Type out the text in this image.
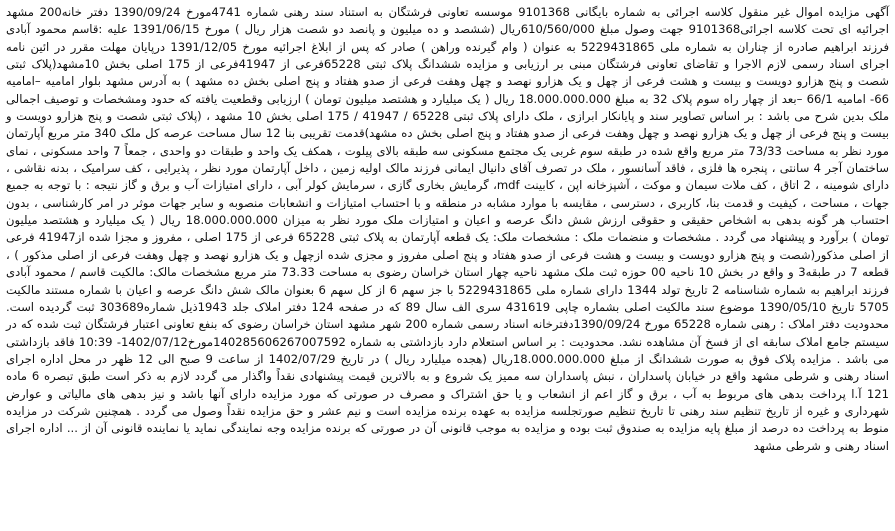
آگهی مزایده اموال غیر منقول کلاسه اجرائی به شماره بایگانی 9101368 موسسه تعاونی فرشتگان به استناد سند رهنی شماره 4741مورخ 1390/09/24 دفتر خانه200 مشهد اجرائیه ای تحت کلاسه اجرائی9101368 جهت وصول مبلغ 610/560/000ریال (ششصد و ده میلیون و پانصد دو شصت هزار ریال ) مورخ 1391/06/15 علیه :قاسم محمود آبادی فرزند ابراهیم صادره از چناران به شماره ملی 5229431865 به عنوان ( وام گیرنده وراهن ) صادر که پس از ابلاغ اجرائیه مورخ 1391/12/05 درپایان مهلت مقرر در ائین نامه اجرای اسناد رسمی لازم الاجرا و تقاضای تعاونی فرشتگان مبنی بر ارزیابی و مزایده ششدانگ پلاک ثبتی 65228فرعی از 41947فرعی از 175 اصلی بخش 10مشهد(پلاک ثبتی شصت و پنج هزارو دویست و بیست و هشت فرعی از چهل و یک هزارو نهصد و چهل وهفت فرعی از صدو هفتاد و پنج اصلی بخش ده مشهد ) به آدرس مشهد بلوار امامیه –امامیه 66- امامیه 66/1 –بعد از چهار راه سوم پلاک 32 به مبلغ 18.000.000.000 ریال ( یک میلیارد و هشتصد میلیون تومان ) ارزیابی وقطعیت یافته که حدود ومشخصات و توصیف اجمالی ملک بدین شرح می باشد : بر اساس تصاویر سند و پایانکار ابرازی ، ملک دارای پلاک ثبتی 65228 / 41947 / 175 اصلی بخش 10 مشهد ، (پلاک ثبتی شصت و پنج هزارو دویست و بیست و پنج فرعی از چهل و یک هزارو نهصد و چهل وهفت فرعی از صدو هفتاد و پنج اصلی بخش ده مشهد)قدمت تقریبی بنا 12 سال مساحت عرصه کل ملک 340 متر مربع آپارتمان مورد نظر به مساحت 73/33 متر مربع واقع شده در طبقه سوم غربی یک مجتمع مسکونی سه طبقه بالای پیلوت ، همکف یک واحد و طبقات دو واحدی ، جمعاً 7 واحد مسکونی ، نمای ساختمان آجر 4 سانتی ، پنجره ها فلزی ، فاقد آسانسور ، ملک در تصرف آقای دانیال ایمانی فرزند مالک اولیه زمین ، داخل آپارتمان مورد نظر ، پذیرایی ، کف سرامیک ، بدنه نقاشی ، دارای شومینه ، 2 اتاق ، کف ملات سیمان و موکت ، آشپزخانه اپن ، کابینت mdf، گرمایش بخاری گازی ، سرمایش کولر آبی ، دارای امتیازات آب و برق و گاز نتیجه : با توجه به جمیع جهات ، مساحت ، کیفیت و قدمت بنا، کاربری ، دسترسی ، مقایسه با موارد مشابه در منطقه و با احتساب امتیازات و انشعابات منصوبه و سایر جهات موثر در امر کارشناسی ، بدون احتساب هر گونه بدهی به اشخاص حقیقی و حقوقی ارزش شش دانگ عرصه و اعیان و امتیازات ملک مورد نظر به میزان 18.000.000.000 ریال ( یک میلیارد و هشتصد میلیون تومان ) برآورد و پیشنهاد می گردد . مشخصات و منضمات ملک : مشخصات ملک: یک قطعه آپارتمان به پلاک ثبتی 65228 فرعی از 175 اصلی ، مفروز و مجزا شده از41947 فرعی از اصلی مذکور(شصت و پنج هزارو دویست و بیست و هشت فرعی از صدو هفتاد و پنج اصلی مفروز و مجزی شده ازچهل و یک هزارو نهصد و چهل وهفت فرعی از اصلی مذکور ) ، قطعه 7 در طبقه3 و واقع در بخش 10 ناحیه 00 حوزه ثبت ملک مشهد ناحیه چهار استان خراسان رضوی به مساحت 73.33 متر مربع مشخصات مالک: مالکیت قاسم / محمود آبادی فرزند ابراهیم به شماره شناسنامه 2 تاریخ تولد 1344 دارای شماره ملی 5229431865 با جز سهم 6 از کل سهم 6 بعنوان مالک شش دانگ عرصه و اعیان با شماره مستند مالکیت 5705 تاریخ 1390/05/10 موضوع سند مالکیت اصلی بشماره چاپی 431619 سری الف سال 89 که در صفحه 124 دفتر املاک جلد 1943ذیل شماره303689 ثبت گردیده است. محدودیت دفتر املاک : رهنی شماره 65228 مورخ 1390/09/24دفترخانه اسناد رسمی شماره 200 شهر مشهد استان خراسان رضوی که بنفع تعاونی اعتبار فرشتگان ثبت شده که در سیستم جامع املاک سابقه ای از فسخ آن مشاهده نشد. محدودیت : بر اساس استعلام دارد بازداشتی به شماره 140285606267007592مورخ1402/07/12- 10:39 فاقد بازداشتی می باشد . مزایده پلاک فوق به صورت ششدانگ از مبلغ 18.000.000.000ریال (هجده میلیارد ریال ) در تاریخ 1402/07/29 از ساعت 9 صبح الی 12 ظهر در محل اداره اجرای اسناد رهنی و شرطی مشهد واقع در خیابان پاسداران ، نبش پاسداران سه ممیز یک شروع و به بالاترین قیمت پیشنهادی نقداً واگذار می گردد لازم به ذکر است طبق تبصره 6 ماده 121 آ.ا پرداخت بدهی های مربوط به آب ، برق و گاز اعم از انشعاب و یا حق اشتراک و مصرف در صورتی که مورد مزایده دارای آنها باشد و نیز بدهی های مالیاتی و عوارض شهرداری و غیره از تاریخ تنظیم سند رهنی تا تاریخ تنظیم صورتجلسه مزایده به عهده برنده مزایده است و نیم عشر و حق مزایده نقداً وصول می گردد . همچنین شرکت در مزایده منوط به پرداخت ده درصد از مبلغ پایه مزایده به صندوق ثبت بوده و مزایده به موجب قانونی آن در صورتی که برنده مزایده وجه نمایندگی نماید یا نماینده قانونی آن از ... اداره اجرای اسناد رهنی و شرطی مشهد
